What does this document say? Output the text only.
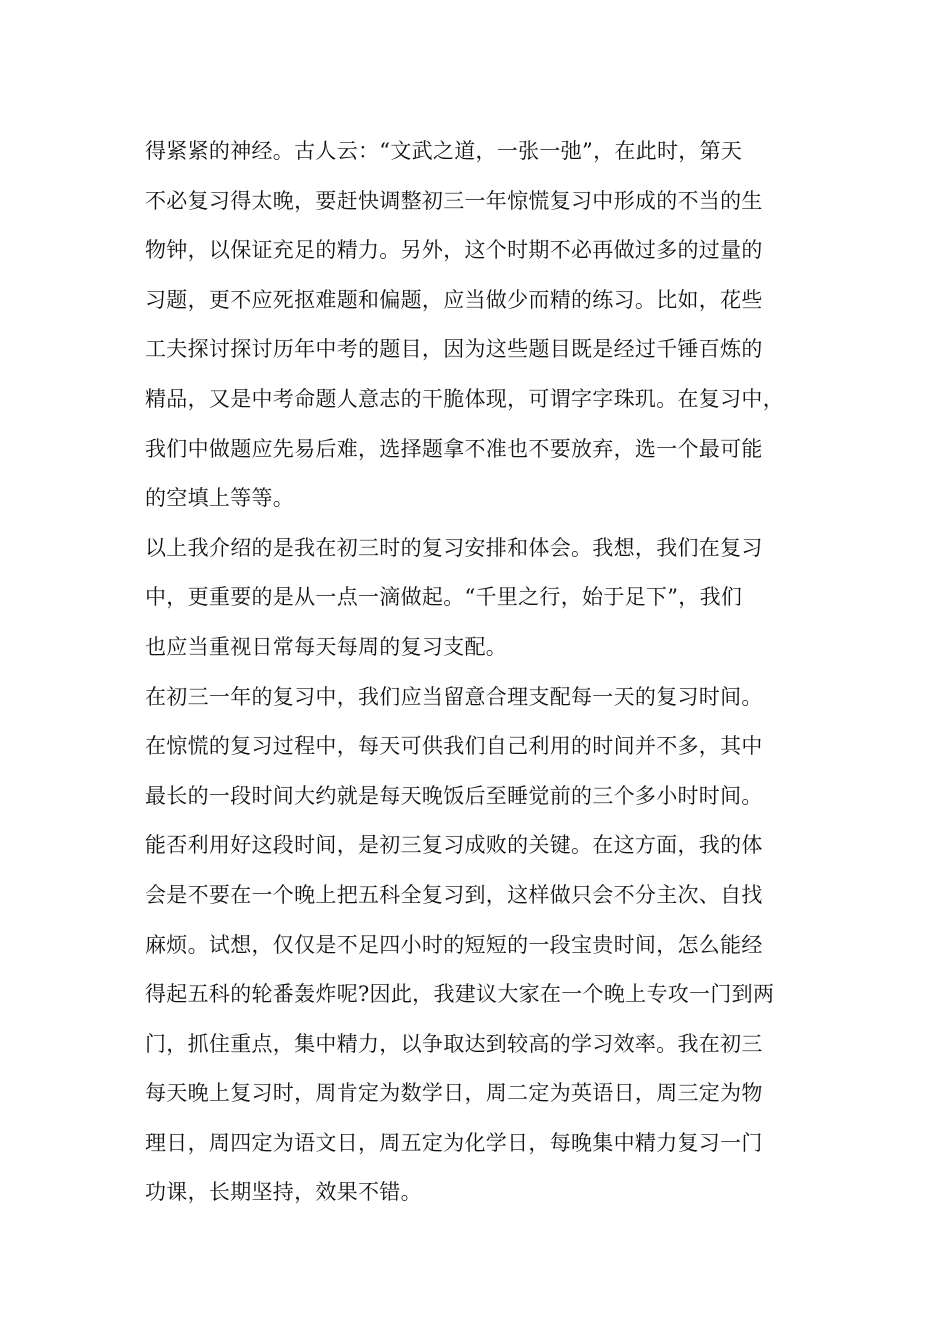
得紧紧的神经。古人云：“文武之道，一张一弛”，在此时，第天
不必复习得太晚，要赶快调整初三一年惊慌复习中形成的不当的生
物钟，以保证充足的精力。另外，这个时期不必再做过多的过量的
习题，更不应死抠难题和偏题，应当做少而精的练习。比如，花些
工夫探讨探讨历年中考的题目，因为这些题目既是经过千锤百炼的
精品，又是中考命题人意志的干脆体现，可谓字字珠玑。在复习中，
我们中做题应先易后难，选择题拿不准也不要放弃，选一个最可能
的空填上等等。
以上我介绍的是我在初三时的复习安排和体会。我想，我们在复习
中，更重要的是从一点一滴做起。“千里之行，始于足下”，我们
也应当重视日常每天每周的复习支配。
在初三一年的复习中，我们应当留意合理支配每一天的复习时间。
在惊慌的复习过程中，每天可供我们自己利用的时间并不多，其中
最长的一段时间大约就是每天晚饭后至睡觉前的三个多小时时间。
能否利用好这段时间，是初三复习成败的关键。在这方面，我的体
会是不要在一个晚上把五科全复习到，这样做只会不分主次、自找
麻烦。试想，仅仅是不足四小时的短短的一段宝贵时间，怎么能经
得起五科的轮番轰炸呢?因此，我建议大家在一个晚上专攻一门到两
门，抓住重点，集中精力，以争取达到较高的学习效率。我在初三
每天晚上复习时，周肯定为数学日，周二定为英语日，周三定为物
理日，周四定为语文日，周五定为化学日，每晚集中精力复习一门
功课，长期坚持，效果不错。
